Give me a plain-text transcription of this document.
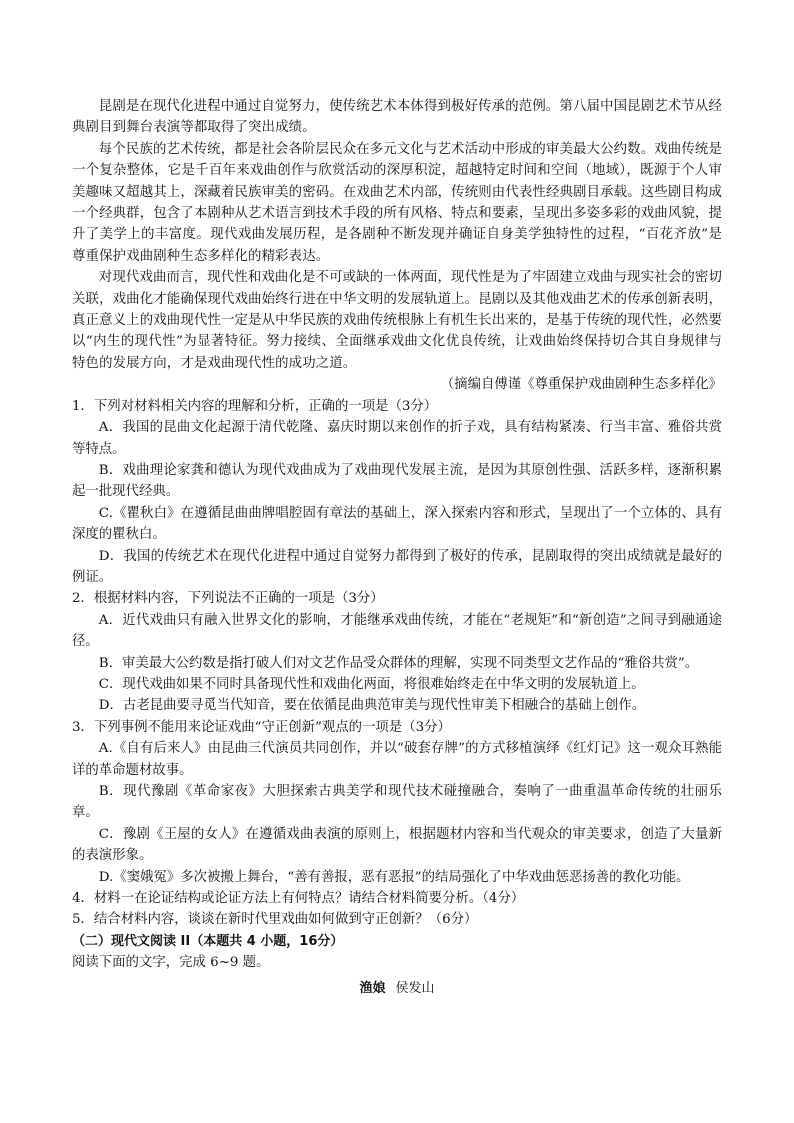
昆剧是在现代化进程中通过自觉努力，使传统艺术本体得到极好传承的范例。第八届中国昆剧艺术节从经典剧目到舞台表演等都取得了突出成绩。

每个民族的艺术传统，都是社会各阶层民众在多元文化与艺术活动中形成的审美最大公约数。戏曲传统是一个复杂整体，它是千百年来戏曲创作与欣赏活动的深厚积淀，超越特定时间和空间（地域），既源于个人审美趣味又超越其上，深藏着民族审美的密码。在戏曲艺术内部，传统则由代表性经典剧目承载。这些剧目构成一个经典群，包含了本剧种从艺术语言到技术手段的所有风格、特点和要素，呈现出多姿多彩的戏曲风貌，提升了美学上的丰富度。现代戏曲发展历程，是各剧种不断发现并确证自身美学独特性的过程，“百花齐放”是尊重保护戏曲剧种生态多样化的精彩表达。

对现代戏曲而言，现代性和戏曲化是不可或缺的一体两面，现代性是为了牢固建立戏曲与现实社会的密切关联，戏曲化才能确保现代戏曲始终行进在中华文明的发展轨道上。昆剧以及其他戏曲艺术的传承创新表明，真正意义上的戏曲现代性一定是从中华民族的戏曲传统根脉上有机生长出来的，是基于传统的现代性，必然要以“内生的现代性”为显著特征。努力接续、全面继承戏曲文化优良传统，让戏曲始终保持切合其自身规律与特色的发展方向，才是戏曲现代性的成功之道。

（摘编自傅谨《尊重保护戏曲剧种生态多样化》

1．下列对材料相关内容的理解和分析，正确的一项是（3分）

A．我国的昆曲文化起源于清代乾隆、嘉庆时期以来创作的折子戏，具有结构紧凑、行当丰富、雅俗共赏等特点。

B．戏曲理论家龚和德认为现代戏曲成为了戏曲现代发展主流，是因为其原创性强、活跃多样，逐渐积累起一批现代经典。

C.《瞿秋白》在遵循昆曲曲牌唱腔固有章法的基础上，深入探索内容和形式，呈现出了一个立体的、具有深度的瞿秋白。

D．我国的传统艺术在现代化进程中通过自觉努力都得到了极好的传承，昆剧取得的突出成绩就是最好的例证。

2．根据材料内容，下列说法不正确的一项是（3分）

A．近代戏曲只有融入世界文化的影响，才能继承戏曲传统，才能在“老规矩”和“新创造”之间寻到融通途径。

B．审美最大公约数是指打破人们对文艺作品受众群体的理解，实现不同类型文艺作品的“雅俗共赏”。

C．现代戏曲如果不同时具备现代性和戏曲化两面，将很难始终走在中华文明的发展轨道上。

D．古老昆曲要寻觅当代知音，要在依循昆曲典范审美与现代性审美下相融合的基础上创作。

3．下列事例不能用来论证戏曲“守正创新”观点的一项是（3分）

A.《自有后来人》由昆曲三代演员共同创作，并以“破套存牌”的方式移植演绎《红灯记》这一观众耳熟能详的革命题材故事。

B．现代豫剧《革命家夜》大胆探索古典美学和现代技术碰撞融合，奏响了一曲重温革命传统的壮丽乐章。

C．豫剧《王屋的女人》在遵循戏曲表演的原则上，根据题材内容和当代观众的审美要求，创造了大量新的表演形象。

D.《窦娥冤》多次被搬上舞台，“善有善报，恶有恶报”的结局强化了中华戏曲惩恶扬善的教化功能。

4．材料一在论证结构或论证方法上有何特点？请结合材料简要分析。（4分）

5．结合材料内容，谈谈在新时代里戏曲如何做到守正创新？（6分）

（二）现代文阅读 II（本题共 4 小题，16分）

阅读下面的文字，完成 6~9 题。

渔娘 侯发山
